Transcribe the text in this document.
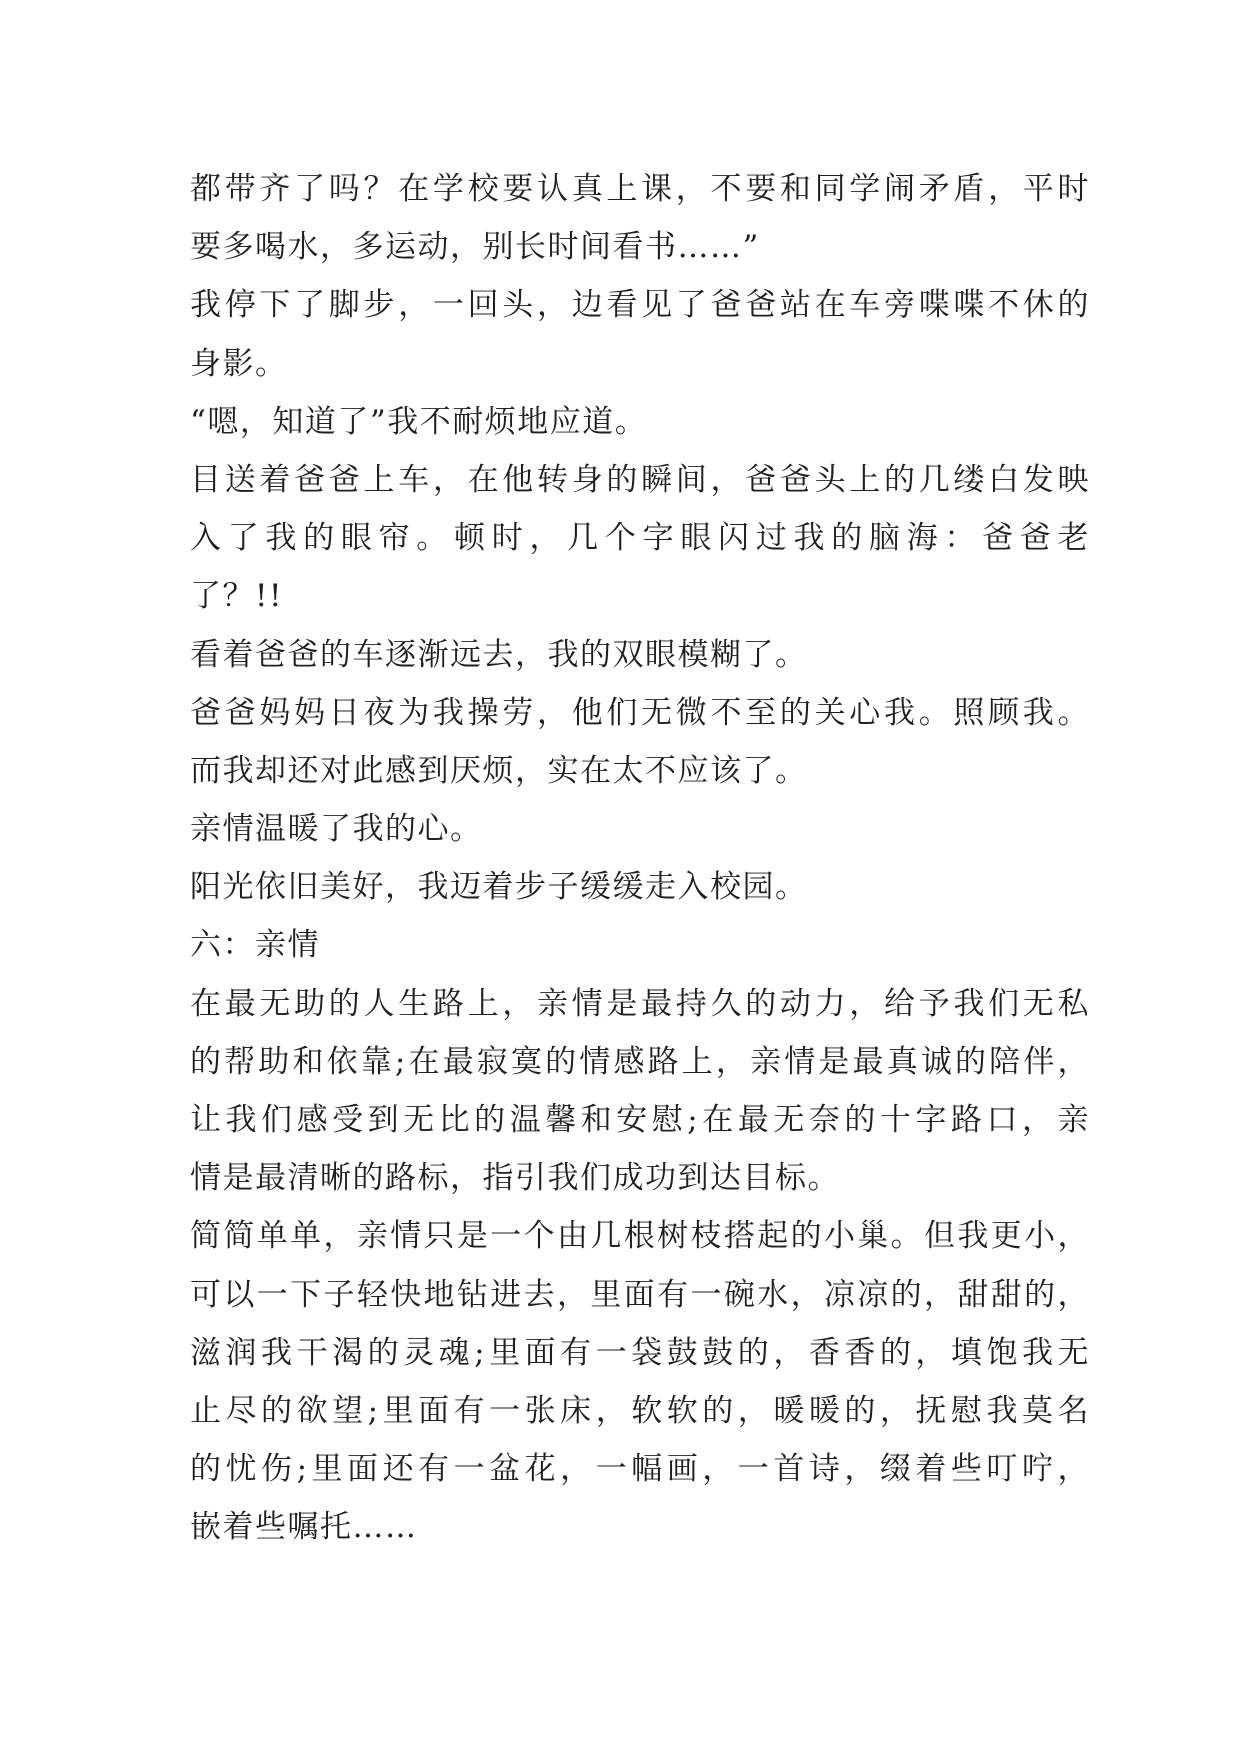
都带齐了吗？在学校要认真上课，不要和同学闹矛盾，平时
要多喝水，多运动，别长时间看书……”
我停下了脚步，一回头，边看见了爸爸站在车旁喋喋不休的
身影。
“嗯，知道了”我不耐烦地应道。
目送着爸爸上车，在他转身的瞬间，爸爸头上的几缕白发映
入了我的眼帘。顿时，几个字眼闪过我的脑海：爸爸老
了？!!
看着爸爸的车逐渐远去，我的双眼模糊了。
爸爸妈妈日夜为我操劳，他们无微不至的关心我。照顾我。
而我却还对此感到厌烦，实在太不应该了。
亲情温暖了我的心。
阳光依旧美好，我迈着步子缓缓走入校园。
六：亲情
在最无助的人生路上，亲情是最持久的动力，给予我们无私
的帮助和依靠;在最寂寞的情感路上，亲情是最真诚的陪伴，
让我们感受到无比的温馨和安慰;在最无奈的十字路口，亲
情是最清晰的路标，指引我们成功到达目标。
简简单单，亲情只是一个由几根树枝搭起的小巢。但我更小，
可以一下子轻快地钻进去，里面有一碗水，凉凉的，甜甜的，
滋润我干渴的灵魂;里面有一袋鼓鼓的，香香的，填饱我无
止尽的欲望;里面有一张床，软软的，暖暖的，抚慰我莫名
的忧伤;里面还有一盆花，一幅画，一首诗，缀着些叮咛，
嵌着些嘱托……
